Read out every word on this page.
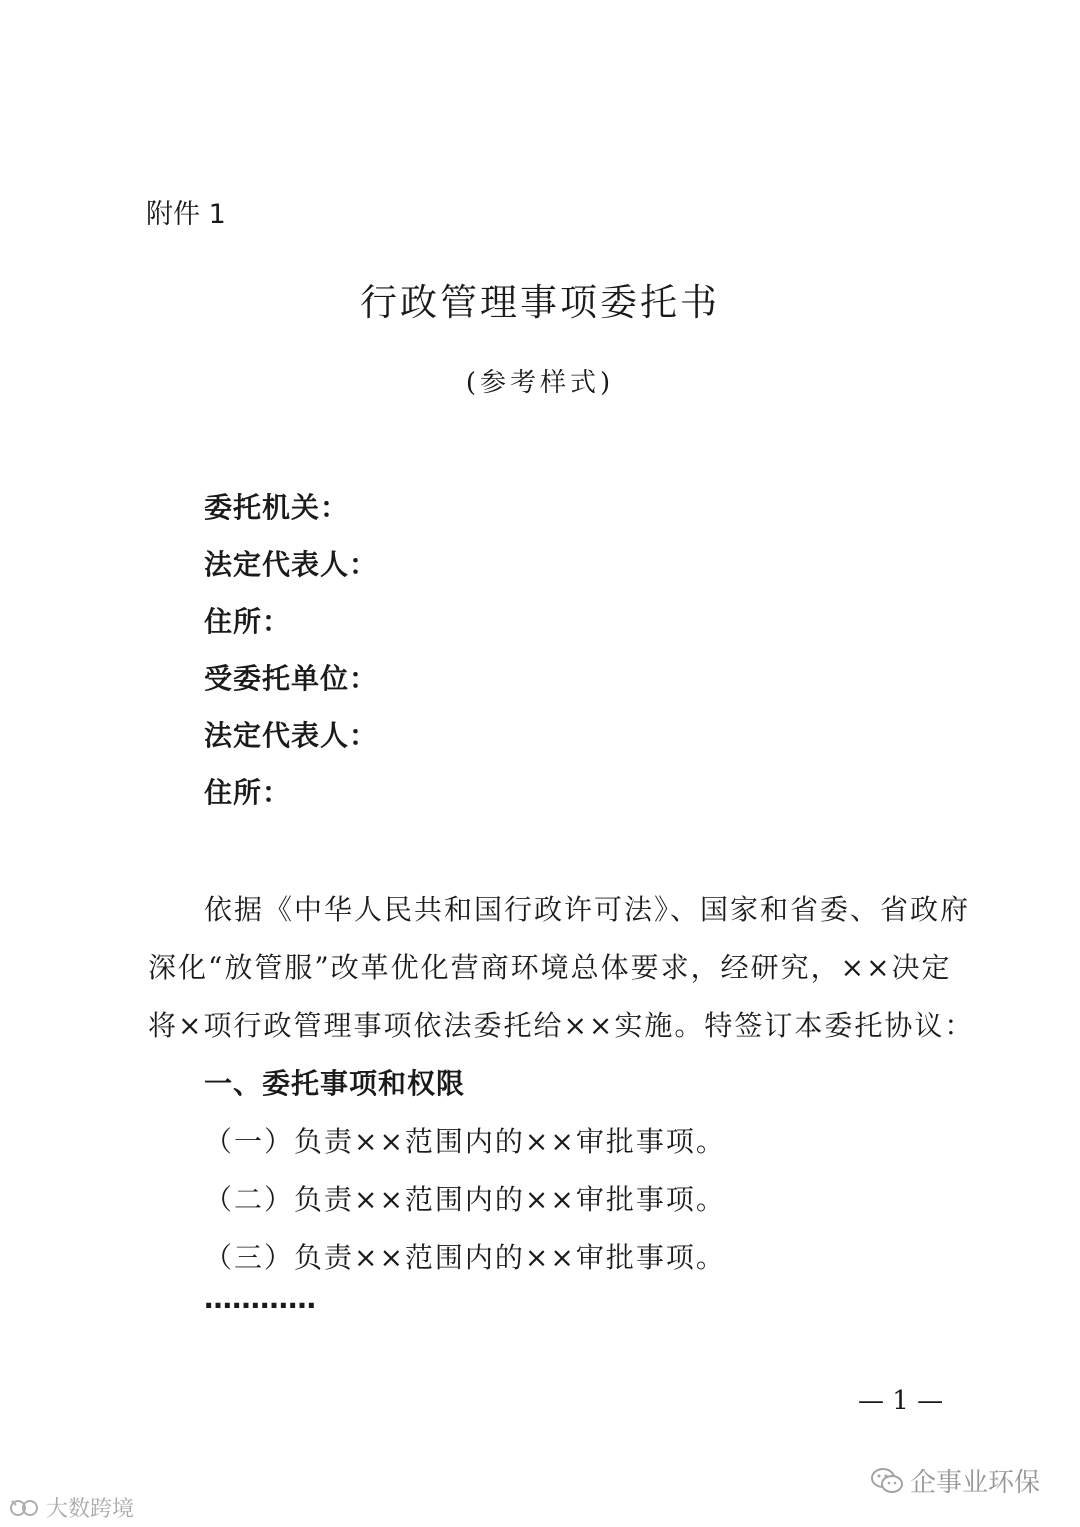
附件 1
行政管理事项委托书
(参考样式)
委托机关：
法定代表人：
住所：
受委托单位：
法定代表人：
住所：
依据《中华人民共和国行政许可法》、国家和省委、省政府
深化“放管服”改革优化营商环境总体要求，经研究，××决定
将×项行政管理事项依法委托给××实施。特签订本委托协议：
一、委托事项和权限
（一）负责××范围内的××审批事项。
（二）负责××范围内的××审批事项。
（三）负责××范围内的××审批事项。
…………
— 1 —
企事业环保
大数跨境
